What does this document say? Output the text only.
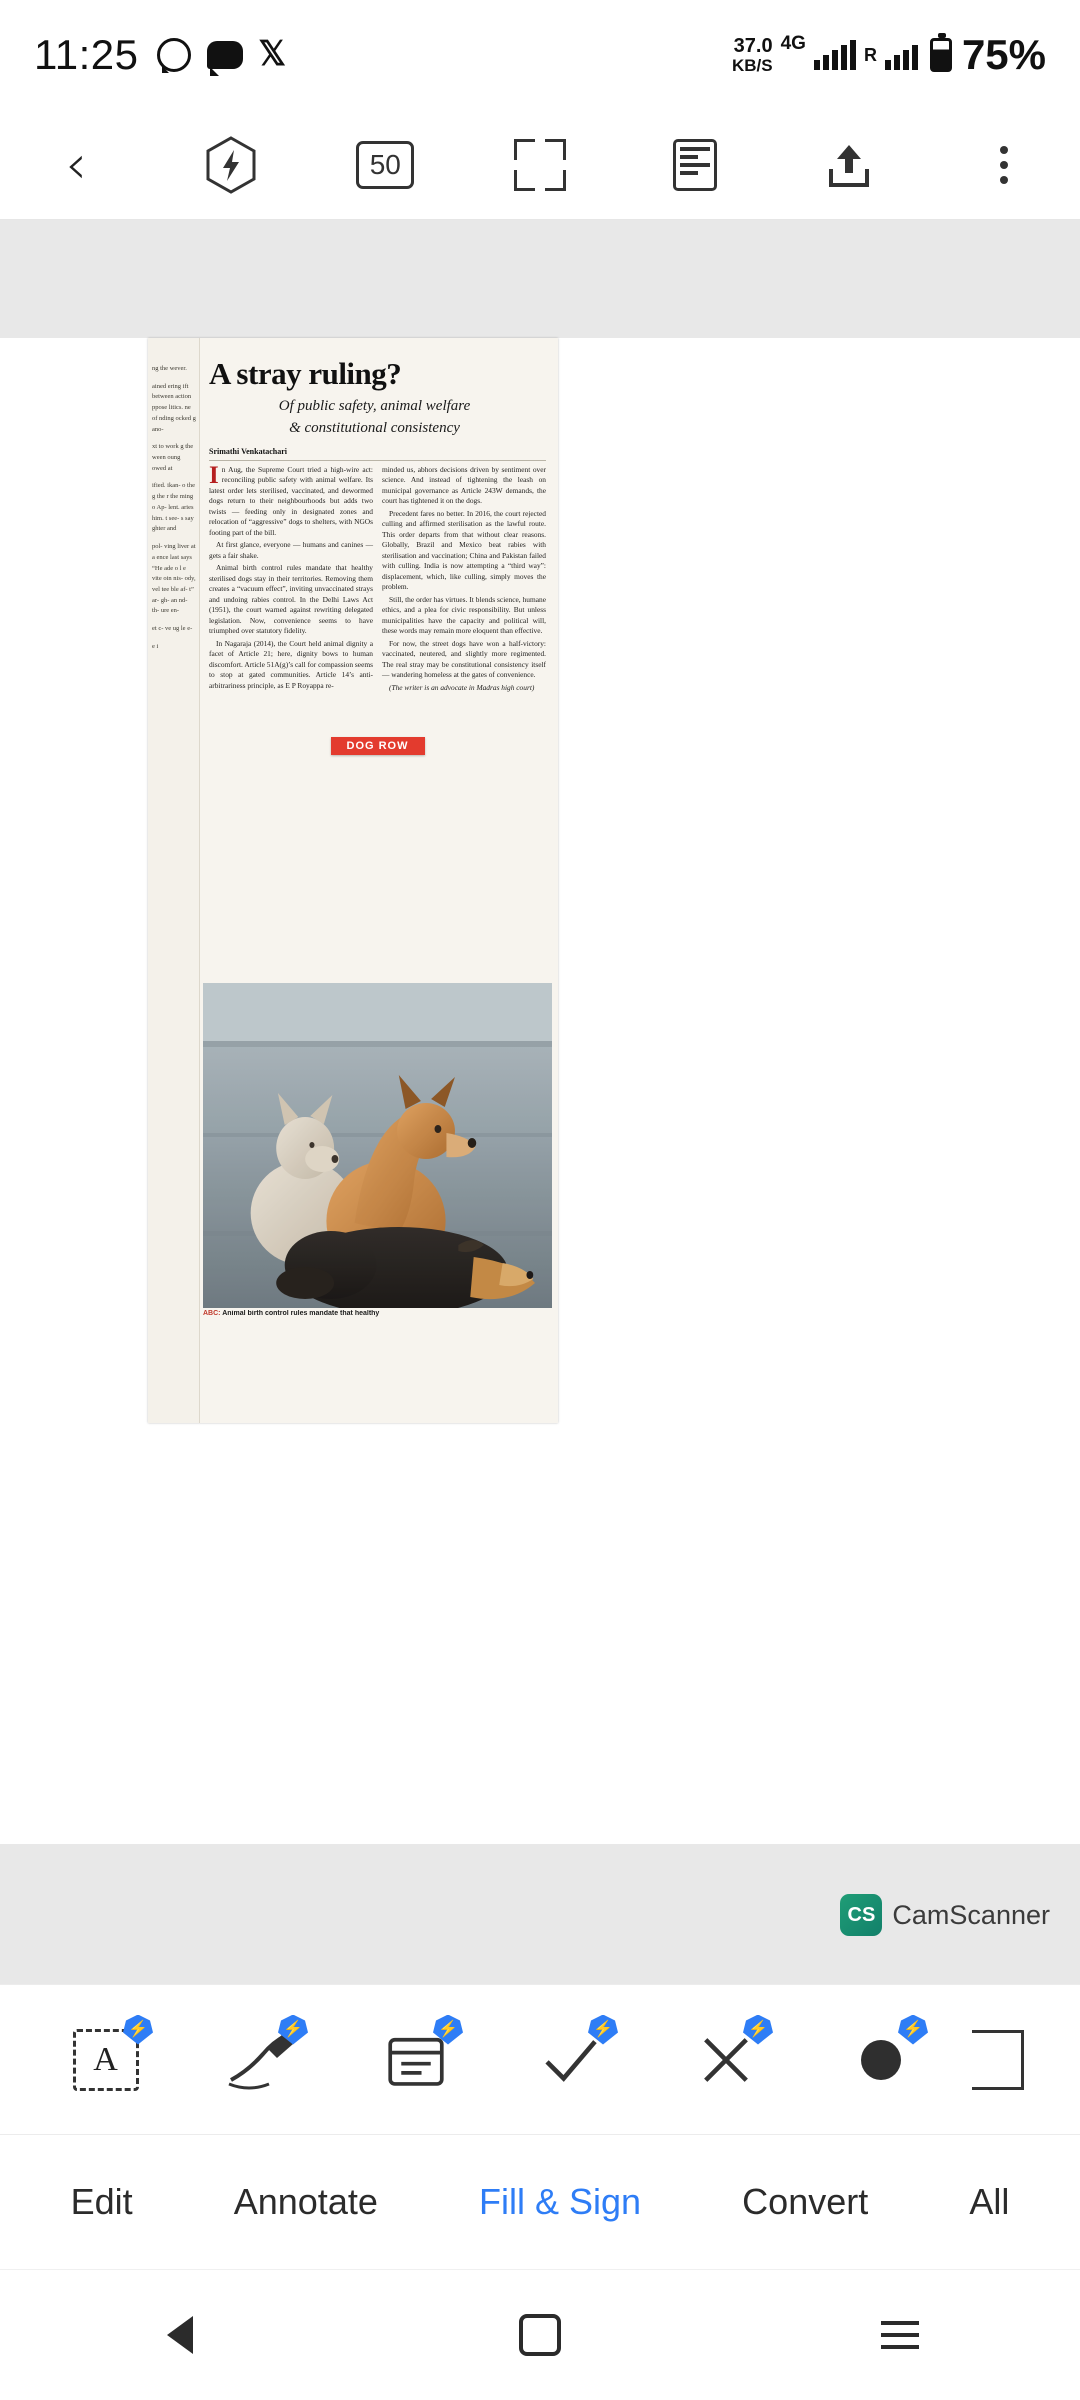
11:25	𝕏	37.0
KB/S
4G
R 75%
‹	50

ng the wever.

ained ering ift between action ppose litics. ne of nding ocked g ano-

xt to work g the ween oung owed at

ified. ikan- o the g the r the ming o Ap- lent. aries him. t see- s say ghter and

pol- ving liver at a ence last says “He ade o l e vite oin nis- ody, vel tee ble af- t” ar- gh- an nd- th- ure en-

et c- ve ug le e-

e i

A stray ruling?
Of public safety, animal welfare
& constitutional consistency
Srimathi Venkatachari

In Aug, the Supreme Court tried a high-wire act: reconciling public safety with animal welfare. Its latest order lets sterilised, vaccinated, and dewormed dogs return to their neighbourhoods but adds two twists — feeding only in designated zones and relocation of “aggressive” dogs to shelters, with NGOs footing part of the bill.

At first glance, everyone — humans and canines — gets a fair shake.

Animal birth control rules mandate that healthy sterilised dogs stay in their territories. Removing them creates a “vacuum effect”, inviting unvaccinated strays and undoing rabies control. In the Delhi Laws Act (1951), the court warned against rewriting delegated legislation. Now, convenience seems to have triumphed over statutory fidelity.

In Nagaraja (2014), the Court held animal dignity a facet of Article 21; here, dignity bows to human discomfort. Article 51A(g)’s call for compassion seems to stop at gated communities. Article 14’s anti-arbitrariness principle, as E P Royappa re-

minded us, abhors decisions driven by sentiment over science. And instead of tightening the leash on municipal governance as Article 243W demands, the court has tightened it on the dogs.

Precedent fares no better. In 2016, the court rejected culling and affirmed sterilisation as the lawful route. This order departs from that without clear reasons. Globally, Brazil and Mexico beat rabies with sterilisation and vaccination; China and Pakistan failed with culling. India is now attempting a “third way”: displacement, which, like culling, simply moves the problem.

Still, the order has virtues. It blends science, humane ethics, and a plea for civic responsibility. But unless municipalities have the capacity and political will, these words may remain more eloquent than effective.

For now, the street dogs have won a half-victory: vaccinated, neutered, and slightly more regimented. The real stray may be constitutional consistency itself — wandering homeless at the gates of convenience.

(The writer is an advocate in Madras high court)

DOG ROW
ABC: Animal birth control rules mandate that healthy
CS CamScanner
A
⚡
⚡
⚡
⚡
⚡
⚡
Edit	Annotate	Fill & Sign	Convert	All
